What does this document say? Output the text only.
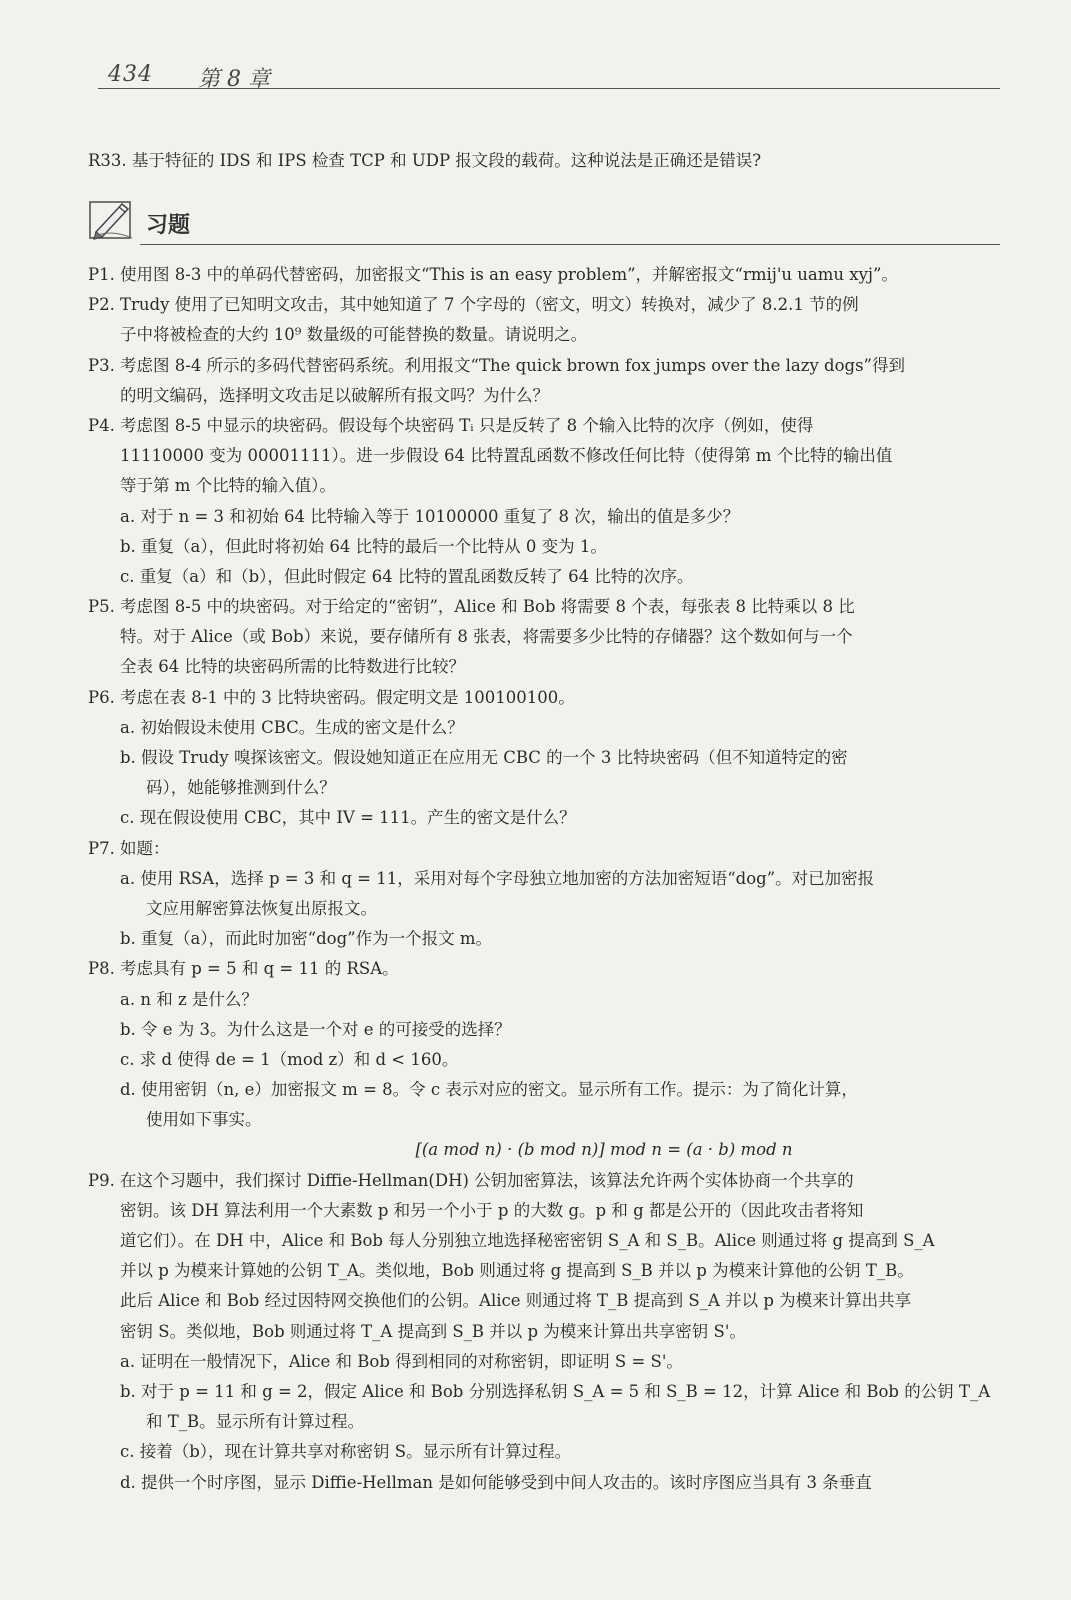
434 第 8 章
R33. 基于特征的 IDS 和 IPS 检查 TCP 和 UDP 报文段的载荷。这种说法是正确还是错误?
习题
P1. 使用图 8-3 中的单码代替密码，加密报文“This is an easy problem”，并解密报文“rmij'u uamu xyj”。
P2. Trudy 使用了已知明文攻击，其中她知道了 7 个字母的（密文，明文）转换对，减少了 8.2.1 节的例
子中将被检查的大约 10⁹ 数量级的可能替换的数量。请说明之。
P3. 考虑图 8-4 所示的多码代替密码系统。利用报文“The quick brown fox jumps over the lazy dogs”得到
的明文编码，选择明文攻击足以破解所有报文吗？为什么？
P4. 考虑图 8-5 中显示的块密码。假设每个块密码 Tᵢ 只是反转了 8 个输入比特的次序（例如，使得
11110000 变为 00001111）。进一步假设 64 比特置乱函数不修改任何比特（使得第 m 个比特的输出值
等于第 m 个比特的输入值）。
a. 对于 n = 3 和初始 64 比特输入等于 10100000 重复了 8 次，输出的值是多少？
b. 重复（a），但此时将初始 64 比特的最后一个比特从 0 变为 1。
c. 重复（a）和（b），但此时假定 64 比特的置乱函数反转了 64 比特的次序。
P5. 考虑图 8-5 中的块密码。对于给定的“密钥”，Alice 和 Bob 将需要 8 个表，每张表 8 比特乘以 8 比
特。对于 Alice（或 Bob）来说，要存储所有 8 张表，将需要多少比特的存储器？这个数如何与一个
全表 64 比特的块密码所需的比特数进行比较？
P6. 考虑在表 8-1 中的 3 比特块密码。假定明文是 100100100。
a. 初始假设未使用 CBC。生成的密文是什么？
b. 假设 Trudy 嗅探该密文。假设她知道正在应用无 CBC 的一个 3 比特块密码（但不知道特定的密
码），她能够推测到什么？
c. 现在假设使用 CBC，其中 IV = 111。产生的密文是什么？
P7. 如题：
a. 使用 RSA，选择 p = 3 和 q = 11，采用对每个字母独立地加密的方法加密短语“dog”。对已加密报
文应用解密算法恢复出原报文。
b. 重复（a），而此时加密“dog”作为一个报文 m。
P8. 考虑具有 p = 5 和 q = 11 的 RSA。
a. n 和 z 是什么？
b. 令 e 为 3。为什么这是一个对 e 的可接受的选择？
c. 求 d 使得 de = 1（mod z）和 d < 160。
d. 使用密钥（n, e）加密报文 m = 8。令 c 表示对应的密文。显示所有工作。提示：为了简化计算，
使用如下事实。
[(a mod n) · (b mod n)] mod n = (a · b) mod n
P9. 在这个习题中，我们探讨 Diffie-Hellman(DH) 公钥加密算法，该算法允许两个实体协商一个共享的
密钥。该 DH 算法利用一个大素数 p 和另一个小于 p 的大数 g。p 和 g 都是公开的（因此攻击者将知
道它们）。在 DH 中，Alice 和 Bob 每人分别独立地选择秘密密钥 S_A 和 S_B。Alice 则通过将 g 提高到 S_A
并以 p 为模来计算她的公钥 T_A。类似地，Bob 则通过将 g 提高到 S_B 并以 p 为模来计算他的公钥 T_B。
此后 Alice 和 Bob 经过因特网交换他们的公钥。Alice 则通过将 T_B 提高到 S_A 并以 p 为模来计算出共享
密钥 S。类似地，Bob 则通过将 T_A 提高到 S_B 并以 p 为模来计算出共享密钥 S'。
a. 证明在一般情况下，Alice 和 Bob 得到相同的对称密钥，即证明 S = S'。
b. 对于 p = 11 和 g = 2，假定 Alice 和 Bob 分别选择私钥 S_A = 5 和 S_B = 12，计算 Alice 和 Bob 的公钥 T_A
和 T_B。显示所有计算过程。
c. 接着（b），现在计算共享对称密钥 S。显示所有计算过程。
d. 提供一个时序图，显示 Diffie-Hellman 是如何能够受到中间人攻击的。该时序图应当具有 3 条垂直
